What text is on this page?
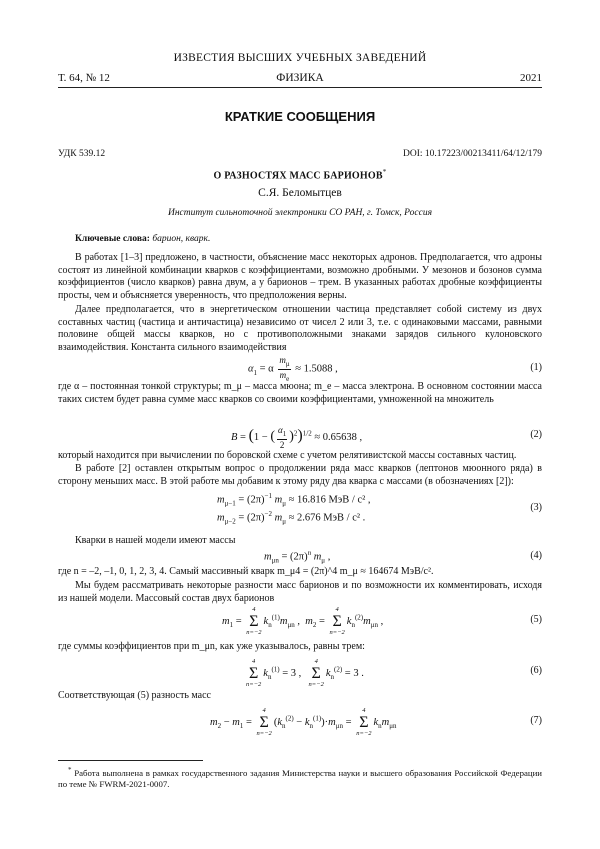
ИЗВЕСТИЯ ВЫСШИХ УЧЕБНЫХ ЗАВЕДЕНИЙ
Т. 64, № 12	ФИЗИКА	2021
КРАТКИЕ СООБЩЕНИЯ
УДК 539.12	DOI: 10.17223/00213411/64/12/179
О РАЗНОСТЯХ МАСС БАРИОНОВ*
С.Я. Беломытцев
Институт сильноточной электроники СО РАН, г. Томск, Россия
Ключевые слова: барион, кварк.
В работах [1–3] предложено, в частности, объяснение масс некоторых адронов. Предполагается, что адроны состоят из линейной комбинации кварков с коэффициентами, возможно дробными. У мезонов и бозонов сумма коэффициентов (число кварков) равна двум, а у барионов – трем. В указанных работах дробные коэффициенты просты, чем и объясняется уверенность, что предположения верны.
Далее предполагается, что в энергетическом отношении частица представляет собой систему из двух составных частиц (частица и античастица) независимо от чисел 2 или 3, т.е. с одинаковыми массами, равными половине общей массы кварков, но с противоположными знаками зарядов сильного кулоновского взаимодействия. Константа сильного взаимодействия
$\alpha_1 = \alpha \frac{m_\mu}{m_e} \approx 1.5088$ ,	(1)
где α – постоянная тонкой структуры; m_μ – масса мюона; m_e – масса электрона. В основном состоянии масса таких систем будет равна сумме масс кварков со своими коэффициентами, умноженной на множитель
B = (1 − ( $\frac{\alpha_1}{2} )^2)^{1/2} \approx 0.65638$ ,	(2)
который находится при вычислении по боровской схеме с учетом релятивистской массы составных частиц.
В работе [2] оставлен открытым вопрос о продолжении ряда масс кварков (лептонов мюонного ряда) в сторону меньших масс. В этой работе мы добавим к этому ряду два кварка с массами (в обозначениях [2]):
$m_{\mu-1} = (2\pi)^{-1}$ $m_\mu \approx 16.816$ МэВ / c² ,
$m_{\mu-2} = (2\pi)^{-2}$ $m_\mu \approx 2.676$ МэВ / c² .
(3)
Кварки в нашей модели имеют массы
$m_{\mu n} = (2\pi)^n$ $m_\mu$ ,	(4)
где n = –2, –1, 0, 1, 2, 3, 4. Самый массивный кварк m_μ4 = (2π)^4 m_μ ≈ 164674 МэВ/c².
Мы будем рассматривать некоторые разности масс барионов и по возможности их комментировать, исходя из нашей модели. Массовый состав двух барионов
$m_1$ =
4
Σ
n=−2
$k_n^{(1)}m_{\mu n}$ ,  $m_2$ =
4
Σ
n=−2
$k_n^{(2)}m_{\mu n}$ ,	(5)
где суммы коэффициентов при m_μn, как уже указывалось, равны трем:
4
Σ
n=−2
$k_n^{(1)} = 3$ ,
4
Σ
n=−2
$k_n^{(2)} = 3$ .	(6)
Соответствующая (5) разность масс
$m_2 - m_1$ =
4
Σ
n=−2
$(k_n^{(2)} - k_n^{(1)})\cdot m_{\mu n}$ =
4
Σ
n=−2
$k_nm_{\mu n}$	(7)
* Работа выполнена в рамках государственного задания Министерства науки и высшего образования Российской Федерации по теме № FWRM-2021-0007.
